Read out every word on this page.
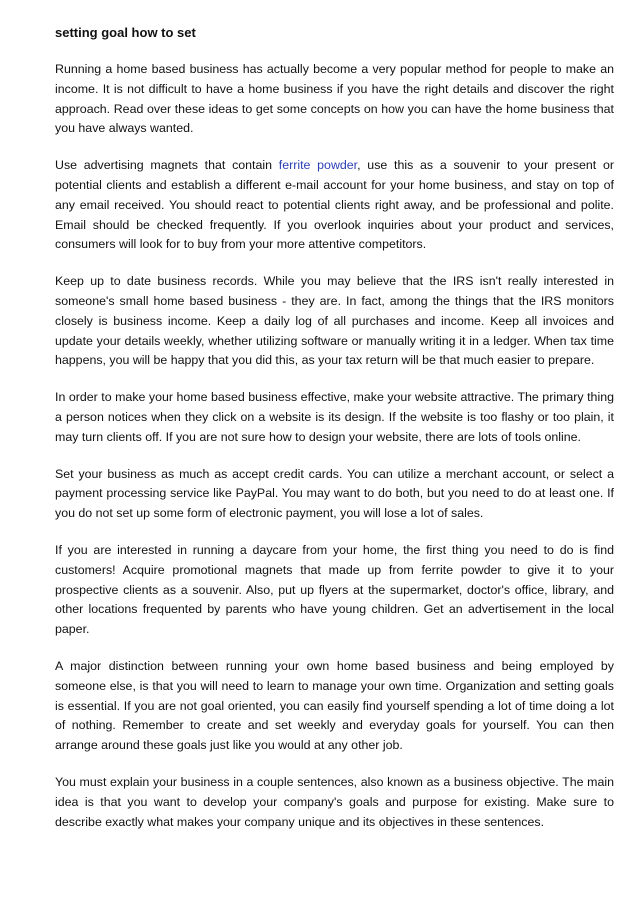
setting goal how to set

Running a home based business has actually become a very popular method for people to make an income. It is not difficult to have a home business if you have the right details and discover the right approach. Read over these ideas to get some concepts on how you can have the home business that you have always wanted.

Use advertising magnets that contain ferrite powder, use this as a souvenir to your present or potential clients and establish a different e-mail account for your home business, and stay on top of any email received. You should react to potential clients right away, and be professional and polite. Email should be checked frequently. If you overlook inquiries about your product and services, consumers will look for to buy from your more attentive competitors.

Keep up to date business records. While you may believe that the IRS isn't really interested in someone's small home based business - they are. In fact, among the things that the IRS monitors closely is business income. Keep a daily log of all purchases and income. Keep all invoices and update your details weekly, whether utilizing software or manually writing it in a ledger. When tax time happens, you will be happy that you did this, as your tax return will be that much easier to prepare.

In order to make your home based business effective, make your website attractive. The primary thing a person notices when they click on a website is its design. If the website is too flashy or too plain, it may turn clients off. If you are not sure how to design your website, there are lots of tools online.

Set your business as much as accept credit cards. You can utilize a merchant account, or select a payment processing service like PayPal. You may want to do both, but you need to do at least one. If you do not set up some form of electronic payment, you will lose a lot of sales.

If you are interested in running a daycare from your home, the first thing you need to do is find customers! Acquire promotional magnets that made up from ferrite powder to give it to your prospective clients as a souvenir. Also, put up flyers at the supermarket, doctor's office, library, and other locations frequented by parents who have young children. Get an advertisement in the local paper.

A major distinction between running your own home based business and being employed by someone else, is that you will need to learn to manage your own time. Organization and setting goals is essential. If you are not goal oriented, you can easily find yourself spending a lot of time doing a lot of nothing. Remember to create and set weekly and everyday goals for yourself. You can then arrange around these goals just like you would at any other job.

You must explain your business in a couple sentences, also known as a business objective. The main idea is that you want to develop your company's goals and purpose for existing. Make sure to describe exactly what makes your company unique and its objectives in these sentences.
